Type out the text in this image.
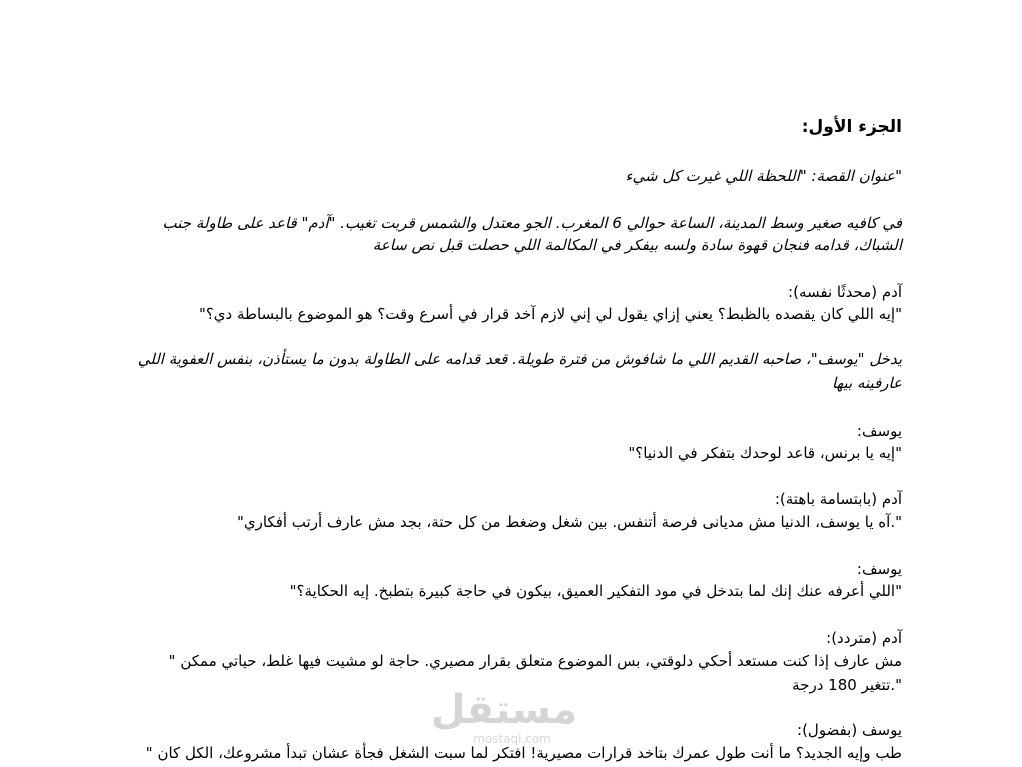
الجزء الأول:
"عنوان القصة: "اللحظة اللي غيرت كل شيء
في كافيه صغير وسط المدينة، الساعة حوالي 6 المغرب. الجو معتدل والشمس قربت تغيب. "آدم" قاعد على طاولة جنب
الشباك، قدامه فنجان قهوة سادة ولسه بيفكر في المكالمة اللي حصلت قبل نص ساعة
آدم (محدثًا نفسه):
"إيه اللي كان يقصده بالظبط؟ يعني إزاي يقول لي إني لازم آخد قرار في أسرع وقت؟ هو الموضوع بالبساطة دي؟"
يدخل "يوسف"، صاحبه القديم اللي ما شافوش من فترة طويلة. قعد قدامه على الطاولة بدون ما يستأذن، بنفس العفوية اللي
عارفينه بيها
يوسف:
"إيه يا برنس، قاعد لوحدك بتفكر في الدنيا؟"
آدم (بابتسامة باهتة):
".آه يا يوسف، الدنيا مش مديانى فرصة أتنفس. بين شغل وضغط من كل حتة، بجد مش عارف أرتب أفكاري"
يوسف:
"اللي أعرفه عنك إنك لما بتدخل في مود التفكير العميق، بيكون في حاجة كبيرة بتطبخ. إيه الحكاية؟"
آدم (متردد):
مش عارف إذا كنت مستعد أحكي دلوقتي، بس الموضوع متعلق بقرار مصيري. حاجة لو مشيت فيها غلط، حياتي ممكن "
".تتغير 180 درجة
يوسف (بفضول):
طب وإيه الجديد؟ ما أنت طول عمرك بتاخد قرارات مصيرية! افتكر لما سبت الشغل فجأة عشان تبدأ مشروعك، الكل كان "
مستقل
mostaql.com
